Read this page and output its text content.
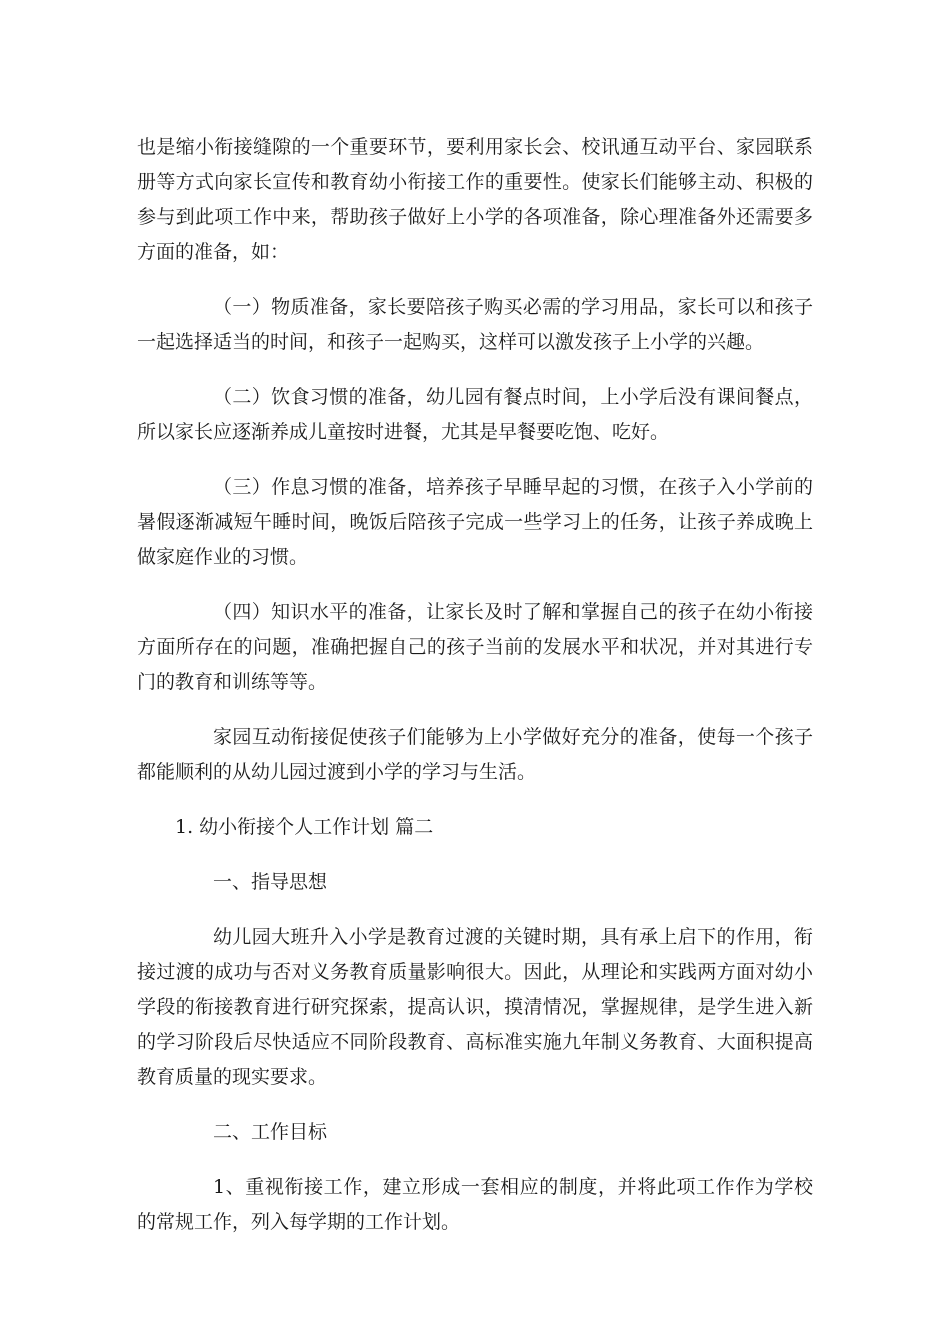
也是缩小衔接缝隙的一个重要环节，要利用家长会、校讯通互动平台、家园联系册等方式向家长宣传和教育幼小衔接工作的重要性。使家长们能够主动、积极的参与到此项工作中来，帮助孩子做好上小学的各项准备，除心理准备外还需要多方面的准备，如：

（一）物质准备，家长要陪孩子购买必需的学习用品，家长可以和孩子一起选择适当的时间，和孩子一起购买，这样可以激发孩子上小学的兴趣。

（二）饮食习惯的准备，幼儿园有餐点时间，上小学后没有课间餐点，所以家长应逐渐养成儿童按时进餐，尤其是早餐要吃饱、吃好。

（三）作息习惯的准备，培养孩子早睡早起的习惯，在孩子入小学前的暑假逐渐减短午睡时间，晚饭后陪孩子完成一些学习上的任务，让孩子养成晚上做家庭作业的习惯。

（四）知识水平的准备，让家长及时了解和掌握自己的孩子在幼小衔接方面所存在的问题，准确把握自己的孩子当前的发展水平和状况，并对其进行专门的教育和训练等等。

家园互动衔接促使孩子们能够为上小学做好充分的准备，使每一个孩子都能顺利的从幼儿园过渡到小学的学习与生活。

1. 幼小衔接个人工作计划 篇二

一、指导思想

幼儿园大班升入小学是教育过渡的关键时期，具有承上启下的作用，衔接过渡的成功与否对义务教育质量影响很大。因此，从理论和实践两方面对幼小学段的衔接教育进行研究探索，提高认识，摸清情况，掌握规律，是学生进入新的学习阶段后尽快适应不同阶段教育、高标准实施九年制义务教育、大面积提高教育质量的现实要求。

二、工作目标

1、重视衔接工作，建立形成一套相应的制度，并将此项工作作为学校的常规工作，列入每学期的工作计划。
